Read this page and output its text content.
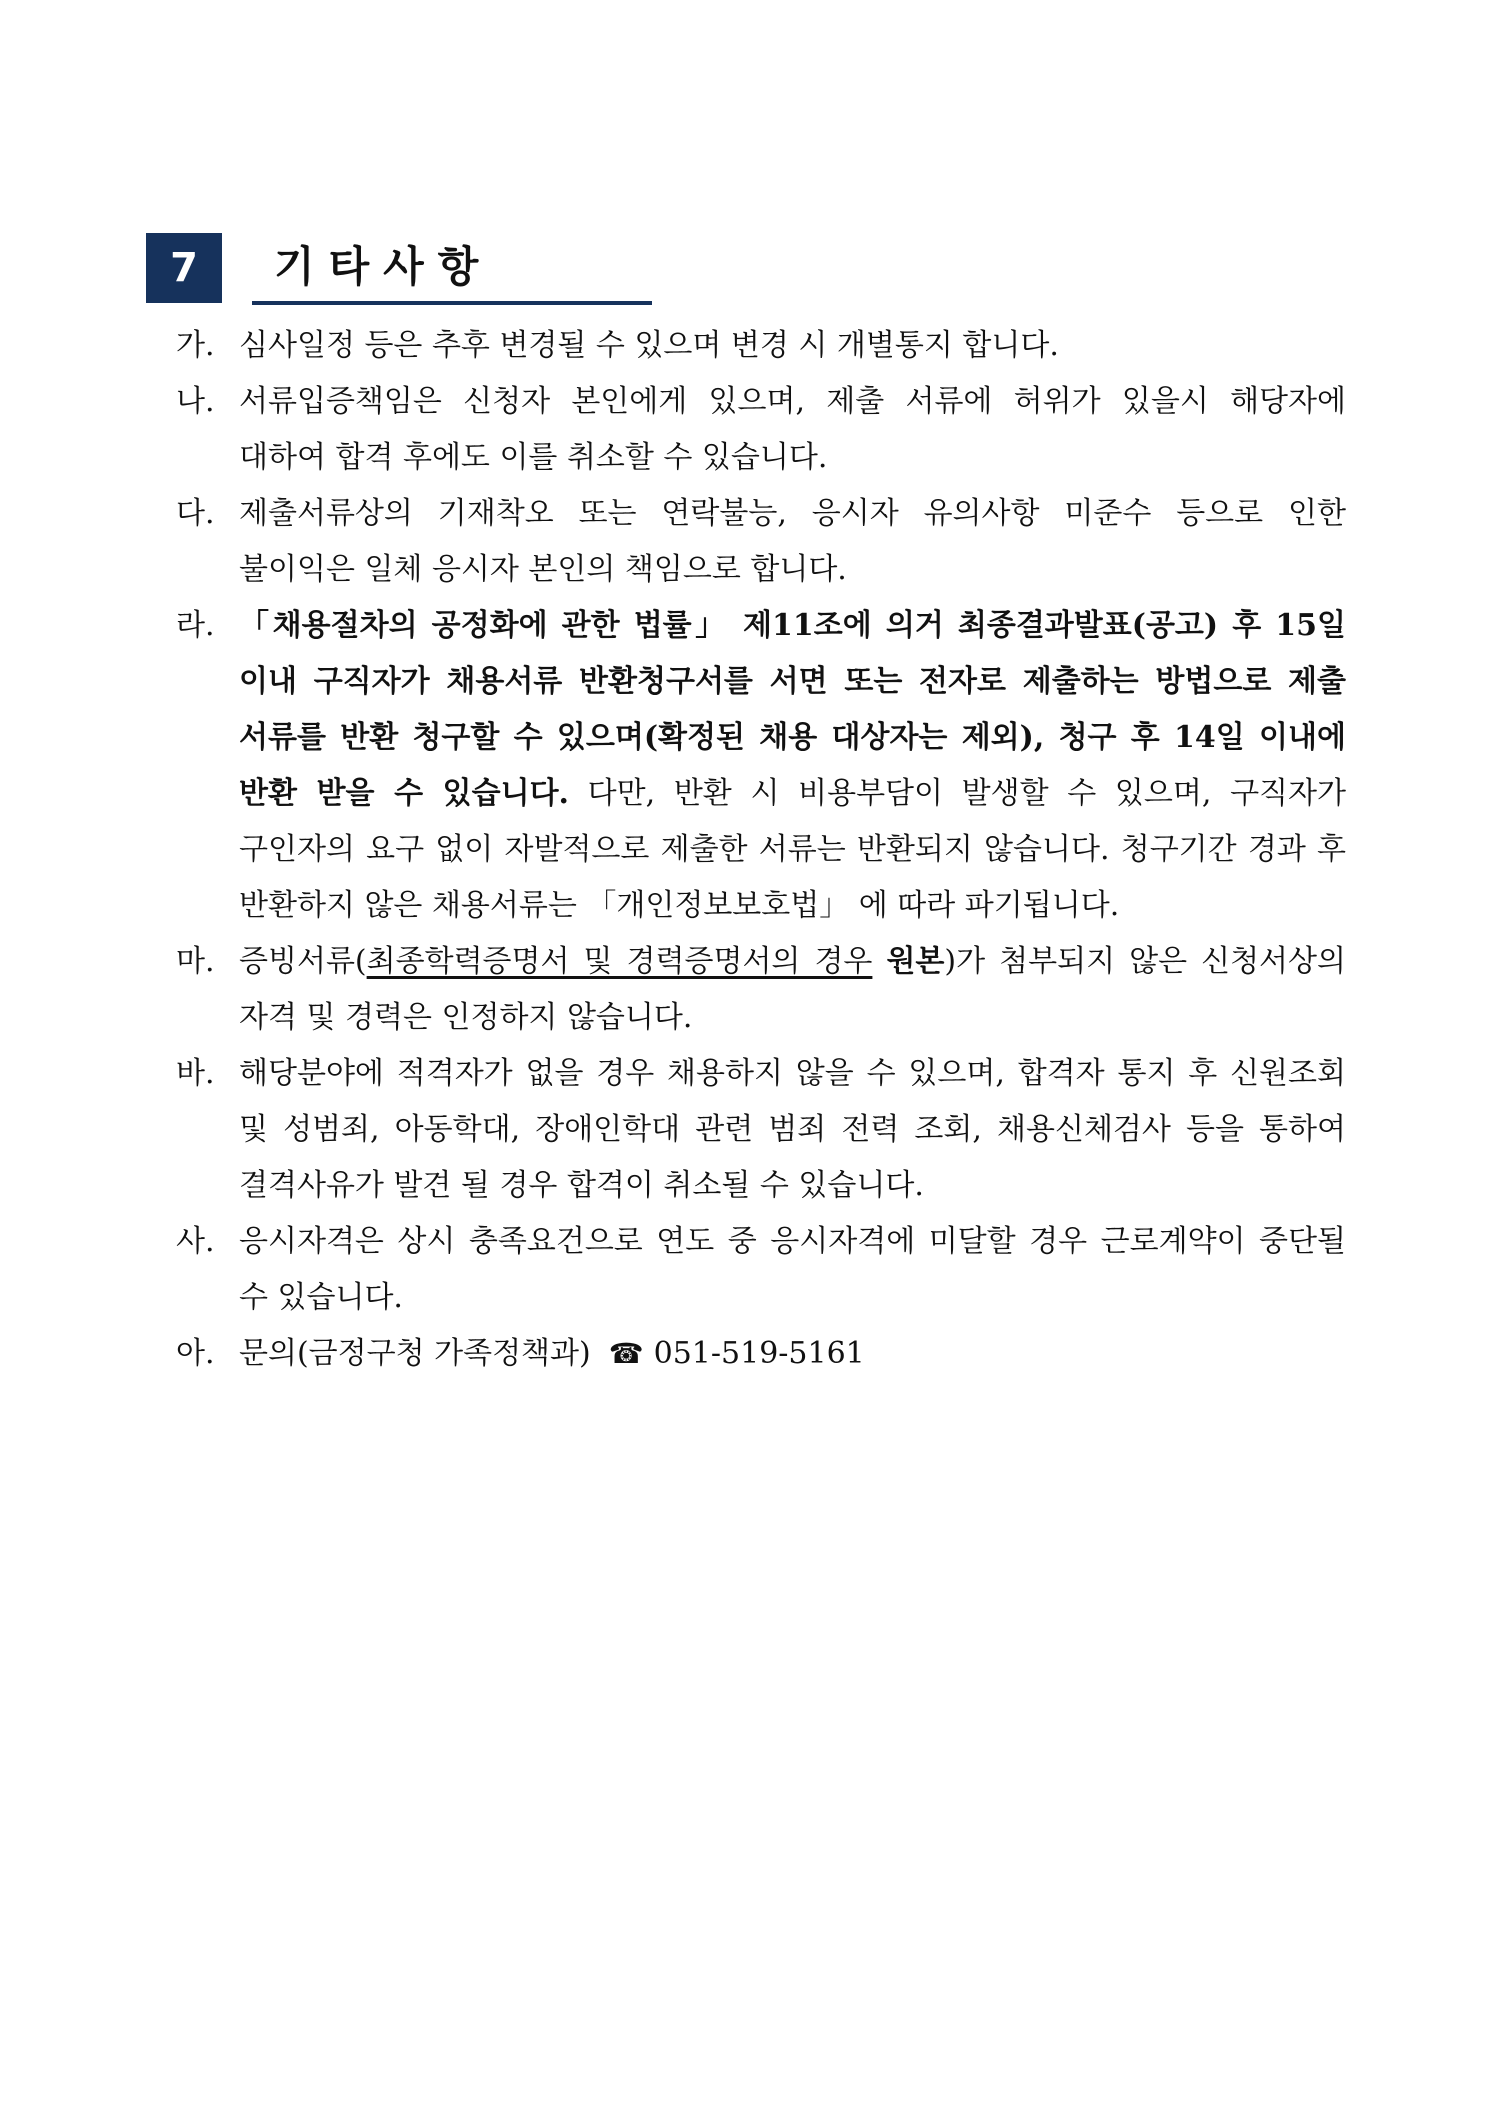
7	기타사항
가. 심사일정 등은 추후 변경될 수 있으며 변경 시 개별통지 합니다.
나. 서류입증책임은 신청자 본인에게 있으며, 제출 서류에 허위가 있을시 해당자에 대하여 합격 후에도 이를 취소할 수 있습니다.
다. 제출서류상의 기재착오 또는 연락불능, 응시자 유의사항 미준수 등으로 인한 불이익은 일체 응시자 본인의 책임으로 합니다.
라. 「채용절차의 공정화에 관한 법률」 제11조에 의거 최종결과발표(공고) 후 15일 이내 구직자가 채용서류 반환청구서를 서면 또는 전자로 제출하는 방법으로 제출 서류를 반환 청구할 수 있으며(확정된 채용 대상자는 제외), 청구 후 14일 이내에 반환 받을 수 있습니다. 다만, 반환 시 비용부담이 발생할 수 있으며, 구직자가 구인자의 요구 없이 자발적으로 제출한 서류는 반환되지 않습니다. 청구기간 경과 후 반환하지 않은 채용서류는 「개인정보보호법」 에 따라 파기됩니다.
마. 증빙서류(최종학력증명서 및 경력증명서의 경우 원본)가 첨부되지 않은 신청서상의 자격 및 경력은 인정하지 않습니다.
바. 해당분야에 적격자가 없을 경우 채용하지 않을 수 있으며, 합격자 통지 후 신원조회 및 성범죄, 아동학대, 장애인학대 관련 범죄 전력 조회, 채용신체검사 등을 통하여 결격사유가 발견 될 경우 합격이 취소될 수 있습니다.
사. 응시자격은 상시 충족요건으로 연도 중 응시자격에 미달할 경우 근로계약이 중단될 수 있습니다.
아. 문의(금정구청 가족정책과) ☎ 051-519-5161
